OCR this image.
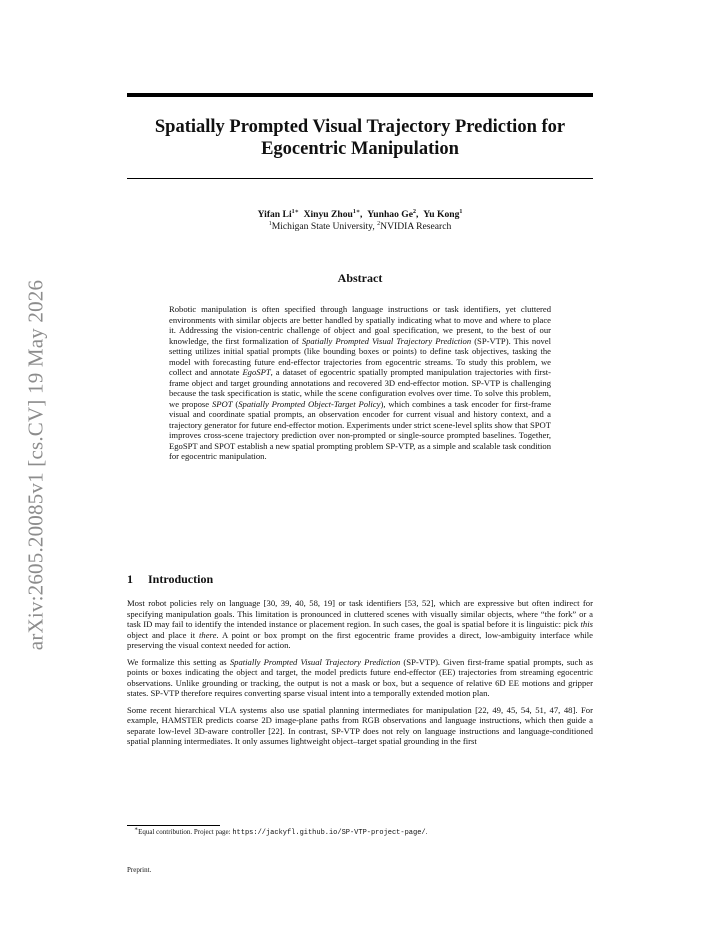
arXiv:2605.20085v1 [cs.CV] 19 May 2026
Spatially Prompted Visual Trajectory Prediction for
Egocentric Manipulation
Yifan $Li^{1∗}$ Xinyu Zhou$^{1∗}$,  Yunhao Ge$^2$,  Yu Kong$^1$
$^1$Michigan State University, $^2$NVIDIA Research
Abstract

Robotic manipulation is often specified through language instructions or task identifiers, yet cluttered environments with similar objects are better handled by spatially indicating what to move and where to place it. Addressing the vision-centric challenge of object and goal specification, we present, to the best of our knowledge, the first formalization of Spatially Prompted Visual Trajectory Prediction (SP-VTP). This novel setting utilizes initial spatial prompts (like bounding boxes or points) to define task objectives, tasking the model with forecasting future end-effector trajectories from egocentric streams. To study this problem, we collect and annotate EgoSPT, a dataset of egocentric spatially prompted manipulation trajectories with first-frame object and target grounding annotations and recovered 3D end-effector motion. SP-VTP is challenging because the task specification is static, while the scene configuration evolves over time. To solve this problem, we propose SPOT (Spatially Prompted Object-Target Policy), which combines a task encoder for first-frame visual and coordinate spatial prompts, an observation encoder for current visual and history context, and a trajectory generator for future end-effector motion. Experiments under strict scene-level splits show that SPOT improves cross-scene trajectory prediction over non-prompted or single-source prompted baselines. Together, EgoSPT and SPOT establish a new spatial prompting problem SP-VTP, as a simple and scalable task condition for egocentric manipulation.

1 Introduction

Most robot policies rely on language [30, 39, 40, 58, 19] or task identifiers [53, 52], which are expressive but often indirect for specifying manipulation goals. This limitation is pronounced in cluttered scenes with visually similar objects, where “the fork” or a task ID may fail to identify the intended instance or placement region. In such cases, the goal is spatial before it is linguistic: pick this object and place it there. A point or box prompt on the first egocentric frame provides a direct, low-ambiguity interface while preserving the visual context needed for action.

We formalize this setting as Spatially Prompted Visual Trajectory Prediction (SP-VTP). Given first-frame spatial prompts, such as points or boxes indicating the object and target, the model predicts future end-effector (EE) trajectories from streaming egocentric observations. Unlike grounding or tracking, the output is not a mask or box, but a sequence of relative 6D EE motions and gripper states. SP-VTP therefore requires converting sparse visual intent into a temporally extended motion plan.

Some recent hierarchical VLA systems also use spatial planning intermediates for manipulation [22, 49, 45, 54, 51, 47, 48]. For example, HAMSTER predicts coarse 2D image-plane paths from RGB observations and language instructions, which then guide a separate low-level 3D-aware controller [22]. In contrast, SP-VTP does not rely on language instructions and language-conditioned spatial planning intermediates. It only assumes lightweight object–target spatial grounding in the first

∗Equal contribution. Project page: https://jackyfl.github.io/SP-VTP-project-page/.
Preprint.
